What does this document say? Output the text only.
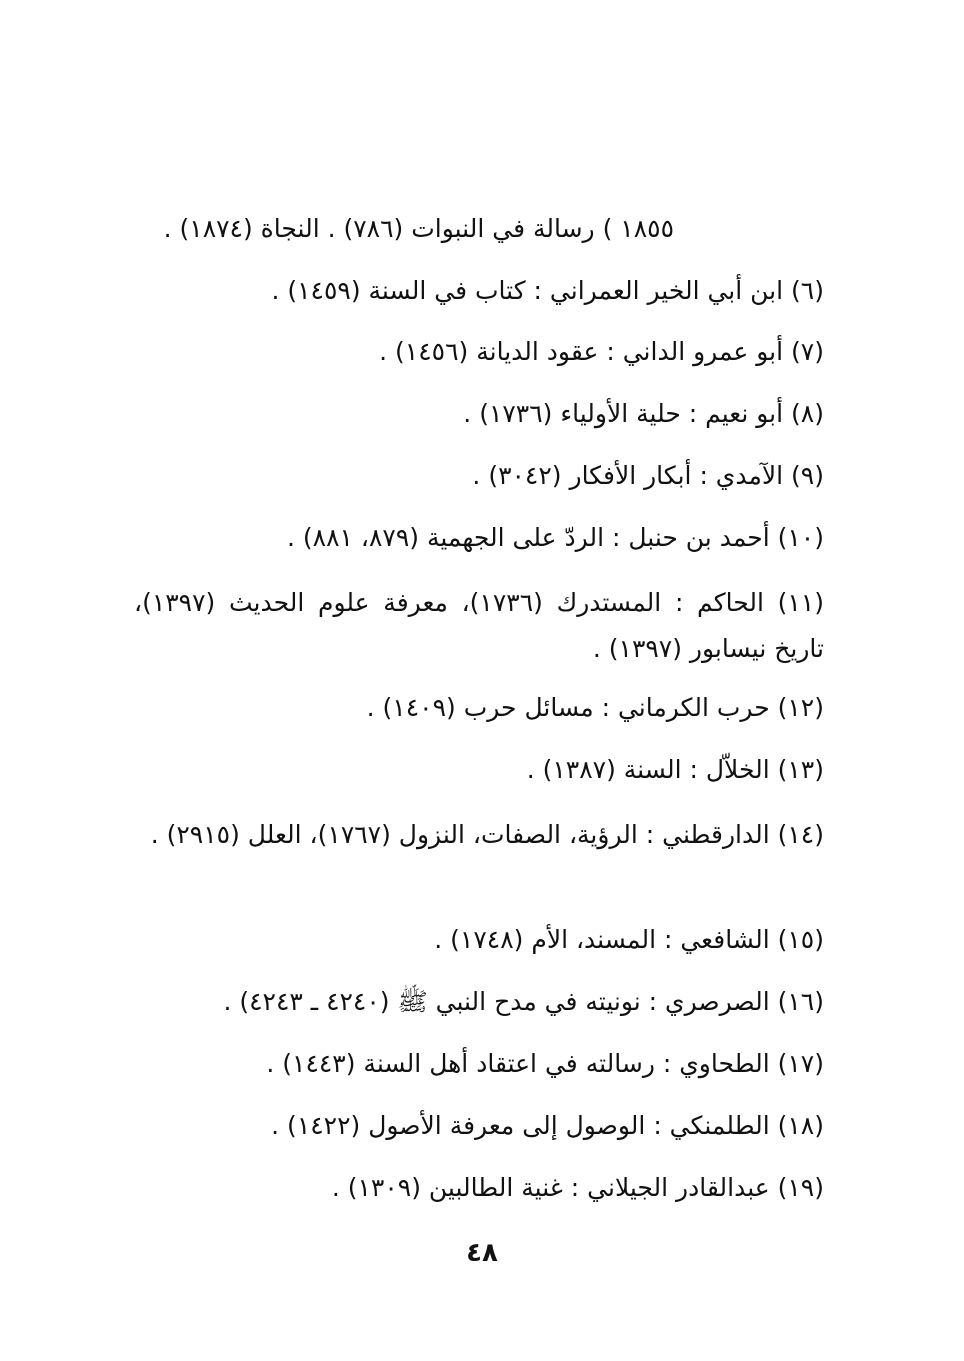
١٨٥٥ ) رسالة في النبوات (٧٨٦) . النجاة (١٨٧٤) .
(٦) ابن أبي الخير العمراني : كتاب في السنة (١٤٥٩) .
(٧) أبو عمرو الداني : عقود الديانة (١٤٥٦) .
(٨) أبو نعيم : حلية الأولياء (١٧٣٦) .
(٩) الآمدي : أبكار الأفكار (٣٠٤٢) .
(١٠) أحمد بن حنبل : الردّ على الجهمية (٨٧٩، ٨٨١) .
(١١) الحاكم : المستدرك (١٧٣٦)، معرفة علوم الحديث (١٣٩٧)، تاريخ نيسابور (١٣٩٧) .
(١٢) حرب الكرماني : مسائل حرب (١٤٠٩) .
(١٣) الخلاّل : السنة (١٣٨٧) .
(١٤) الدارقطني : الرؤية، الصفات، النزول (١٧٦٧)، العلل (٢٩١٥) .
(١٥) الشافعي : المسند، الأم (١٧٤٨) .
(١٦) الصرصري : نونيته في مدح النبي ﷺ (٤٢٤٠ ـ ٤٢٤٣) .
(١٧) الطحاوي : رسالته في اعتقاد أهل السنة (١٤٤٣) .
(١٨) الطلمنكي : الوصول إلى معرفة الأصول (١٤٢٢) .
(١٩) عبدالقادر الجيلاني : غنية الطالبين (١٣٠٩) .
٤٨
